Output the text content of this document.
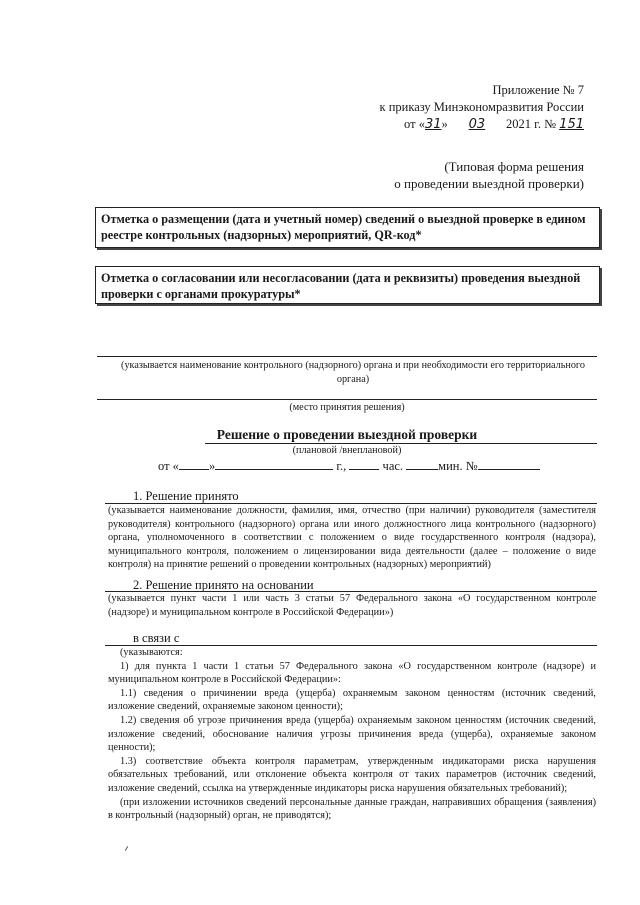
Приложение № 7
к приказу Минэкономразвития России
от «31» 03 2021 г. № 151
(Типовая форма решения
о проведении выездной проверки)
Отметка о размещении (дата и учетный номер) сведений о выездной проверке в едином реестре контрольных (надзорных) мероприятий, QR-код*
Отметка о согласовании или несогласовании (дата и реквизиты) проведения выездной проверки с органами прокуратуры*
(указывается наименование контрольного (надзорного) органа и при необходимости его территориального органа)
(место принятия решения)
Решение о проведении выездной проверки
(плановой /внеплановой)
от « »	г.,	час.	мин. №
1. Решение принято
(указывается наименование должности, фамилия, имя, отчество (при наличии) руководителя (заместителя руководителя) контрольного (надзорного) органа или иного должностного лица контрольного (надзорного) органа, уполномоченного в соответствии с положением о виде государственного контроля (надзора), муниципального контроля, положением о лицензировании вида деятельности (далее – положение о виде контроля) на принятие решений о проведении контрольных (надзорных) мероприятий)
2. Решение принято на основании
(указывается пункт части 1 или часть 3 статьи 57 Федерального закона «О государственном контроле (надзоре) и муниципальном контроле в Российской Федерации»)
в связи с
(указываются:
1) для пункта 1 части 1 статьи 57 Федерального закона «О государственном контроле (надзоре) и муниципальном контроле в Российской Федерации»:
1.1) сведения о причинении вреда (ущерба) охраняемым законом ценностям (источник сведений, изложение сведений, охраняемые законом ценности);
1.2) сведения об угрозе причинения вреда (ущерба) охраняемым законом ценностям (источник сведений, изложение сведений, обоснование наличия угрозы причинения вреда (ущерба), охраняемые законом ценности);
1.3) соответствие объекта контроля параметрам, утвержденным индикаторами риска нарушения обязательных требований, или отклонение объекта контроля от таких параметров (источник сведений, изложение сведений, ссылка на утвержденные индикаторы риска нарушения обязательных требований);
(при изложении источников сведений персональные данные граждан, направивших обращения (заявления) в контрольный (надзорный) орган, не приводятся);
